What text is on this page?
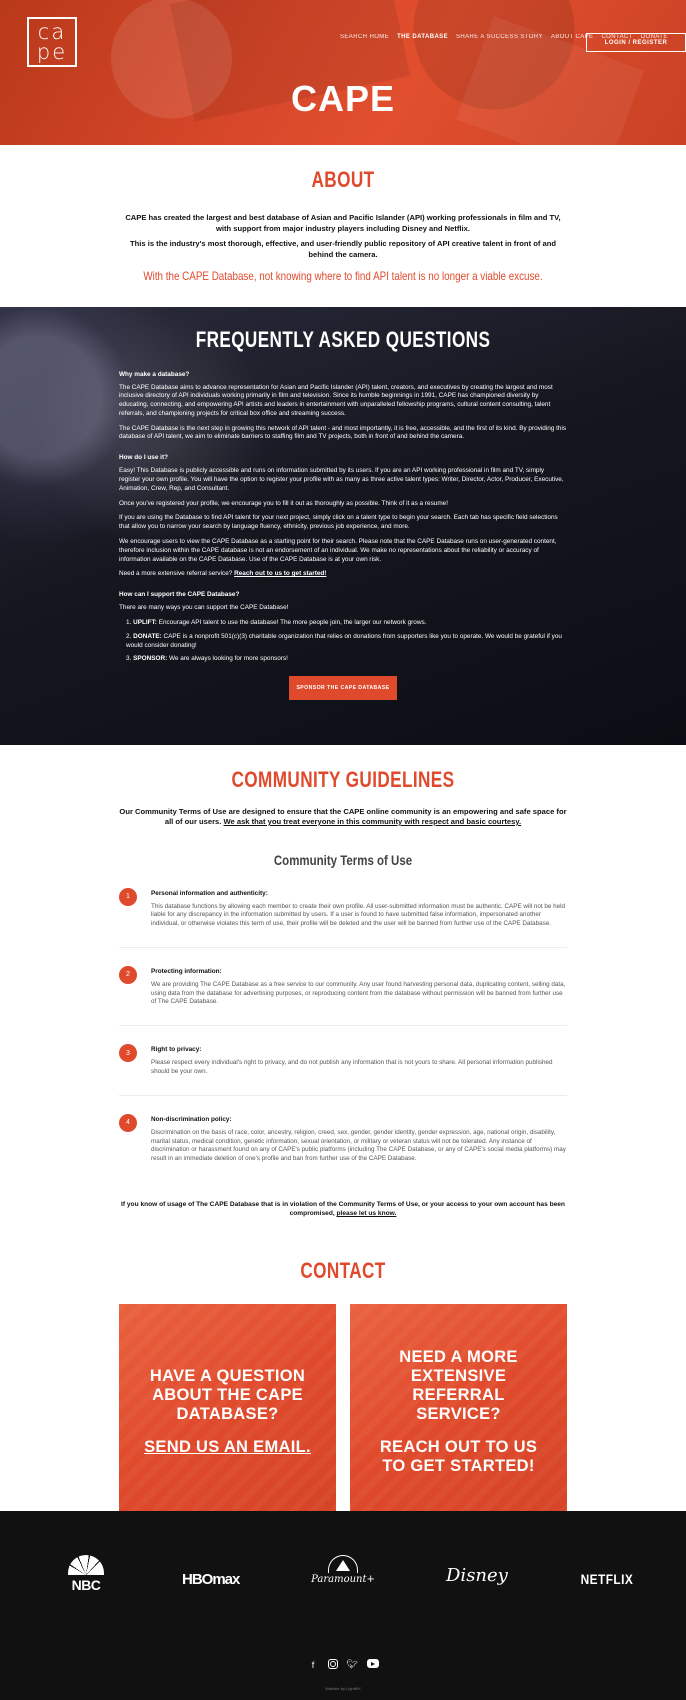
ca
pe
SEARCH HOME THE DATABASE SHARE A SUCCESS STORY ABOUT CAPE CONTACT DONATE
LOGIN / REGISTER
CAPE
ABOUT

CAPE has created the largest and best database of Asian and Pacific Islander (API) working professionals in film and TV, with support from major industry players including Disney and Netflix.

This is the industry's most thorough, effective, and user-friendly public repository of API creative talent in front of and behind the camera.

With the CAPE Database, not knowing where to find API talent is no longer a viable excuse.

FREQUENTLY ASKED QUESTIONS
Why make a database?

The CAPE Database aims to advance representation for Asian and Pacific Islander (API) talent, creators, and executives by creating the largest and most inclusive directory of API individuals working primarily in film and television. Since its humble beginnings in 1991, CAPE has championed diversity by educating, connecting, and empowering API artists and leaders in entertainment with unparalleled fellowship programs, cultural content consulting, talent referrals, and championing projects for critical box office and streaming success.

The CAPE Database is the next step in growing this network of API talent - and most importantly, it is free, accessible, and the first of its kind. By providing this database of API talent, we aim to eliminate barriers to staffing film and TV projects, both in front of and behind the camera.

How do I use it?

Easy! This Database is publicly accessible and runs on information submitted by its users. If you are an API working professional in film and TV, simply register your own profile. You will have the option to register your profile with as many as three active talent types: Writer, Director, Actor, Producer, Executive, Animation, Crew, Rep, and Consultant.

Once you've registered your profile, we encourage you to fill it out as thoroughly as possible. Think of it as a resume!

If you are using the Database to find API talent for your next project, simply click on a talent type to begin your search. Each tab has specific field selections that allow you to narrow your search by language fluency, ethnicity, previous job experience, and more.

We encourage users to view the CAPE Database as a starting point for their search. Please note that the CAPE Database runs on user-generated content, therefore inclusion within the CAPE database is not an endorsement of an individual. We make no representations about the reliability or accuracy of information available on the CAPE Database. Use of the CAPE Database is at your own risk.

Need a more extensive referral service? Reach out to us to get started!

How can I support the CAPE Database?

There are many ways you can support the CAPE Database!

1. UPLIFT: Encourage API talent to use the database! The more people join, the larger our network grows.
2. DONATE: CAPE is a nonprofit 501(c)(3) charitable organization that relies on donations from supporters like you to operate. We would be grateful if you would consider donating!
3. SPONSOR: We are always looking for more sponsors!
SPONSOR THE CAPE DATABASE
COMMUNITY GUIDELINES

Our Community Terms of Use are designed to ensure that the CAPE online community is an empowering and safe space for all of our users. We ask that you treat everyone in this community with respect and basic courtesy.

Community Terms of Use
1	Personal information and authenticity:

This database functions by allowing each member to create their own profile. All user-submitted information must be authentic. CAPE will not be held liable for any discrepancy in the information submitted by users. If a user is found to have submitted false information, impersonated another individual, or otherwise violates this term of use, their profile will be deleted and the user will be banned from further use of the CAPE Database.

2	Protecting information:

We are providing The CAPE Database as a free service to our community. Any user found harvesting personal data, duplicating content, selling data, using data from the database for advertising purposes, or reproducing content from the database without permission will be banned from further use of The CAPE Database.

3	Right to privacy:

Please respect every individual's right to privacy, and do not publish any information that is not yours to share. All personal information published should be your own.

4	Non-discrimination policy:

Discrimination on the basis of race, color, ancestry, religion, creed, sex, gender, gender identity, gender expression, age, national origin, disability, marital status, medical condition, genetic information, sexual orientation, or military or veteran status will not be tolerated. Any instance of discrimination or harassment found on any of CAPE's public platforms (including The CAPE Database, or any of CAPE's social media platforms) may result in an immediate deletion of one's profile and ban from further use of the CAPE Database.

If you know of usage of The CAPE Database that is in violation of the Community Terms of Use, or your access to your own account has been compromised, please let us know.

CONTACT
HAVE A QUESTION ABOUT THE CAPE DATABASE?
SEND US AN EMAIL.
NEED A MORE EXTENSIVE REFERRAL SERVICE?
REACH OUT TO US TO GET STARTED!
NBC	HBOmax	Paramount+	Disney	NETFLIX
f	🐦︎
Website by LightMX
